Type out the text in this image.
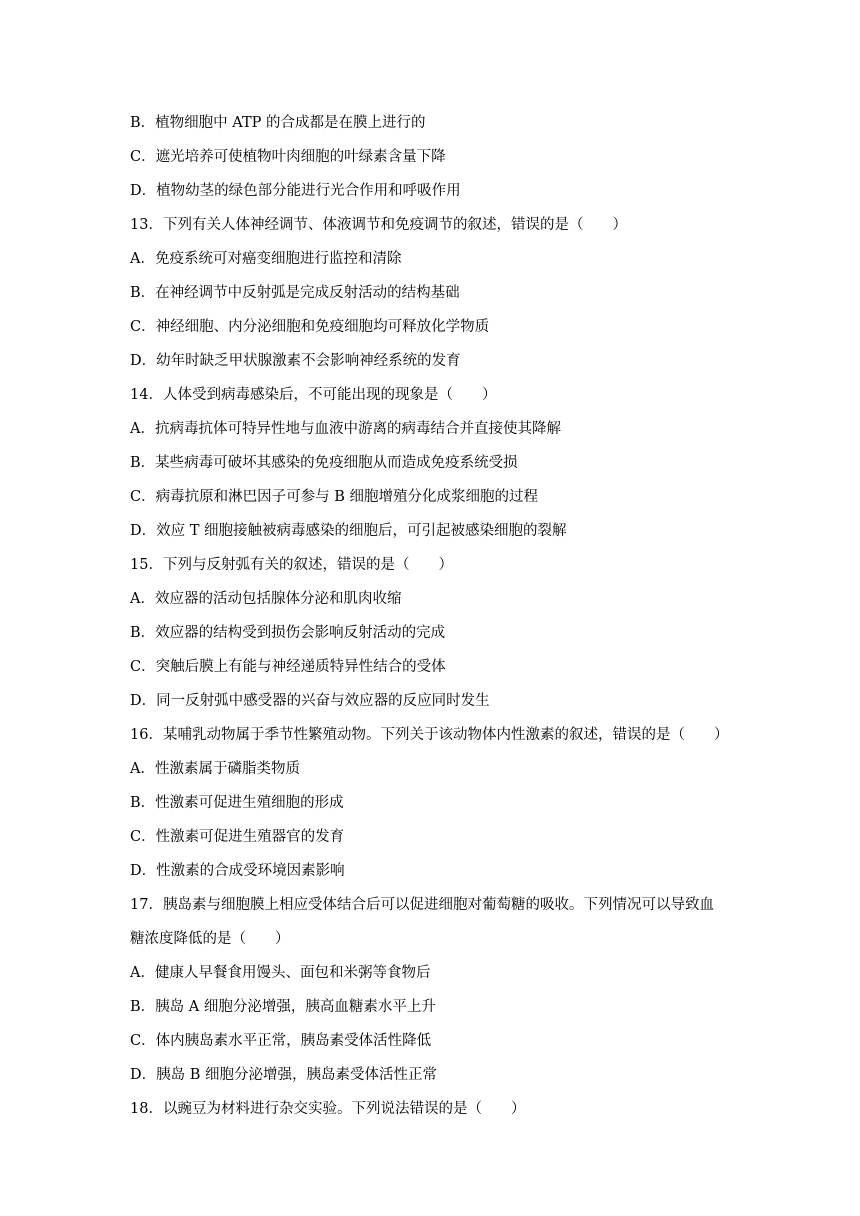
B．植物细胞中 ATP 的合成都是在膜上进行的
C．遮光培养可使植物叶肉细胞的叶绿素含量下降
D．植物幼茎的绿色部分能进行光合作用和呼吸作用
13．下列有关人体神经调节、体液调节和免疫调节的叙述，错误的是（　　）
A．免疫系统可对癌变细胞进行监控和清除
B．在神经调节中反射弧是完成反射活动的结构基础
C．神经细胞、内分泌细胞和免疫细胞均可释放化学物质
D．幼年时缺乏甲状腺激素不会影响神经系统的发育
14．人体受到病毒感染后，不可能出现的现象是（　　）
A．抗病毒抗体可特异性地与血液中游离的病毒结合并直接使其降解
B．某些病毒可破坏其感染的免疫细胞从而造成免疫系统受损
C．病毒抗原和淋巴因子可参与 B 细胞增殖分化成浆细胞的过程
D．效应 T 细胞接触被病毒感染的细胞后，可引起被感染细胞的裂解
15．下列与反射弧有关的叙述，错误的是（　　）
A．效应器的活动包括腺体分泌和肌肉收缩
B．效应器的结构受到损伤会影响反射活动的完成
C．突触后膜上有能与神经递质特异性结合的受体
D．同一反射弧中感受器的兴奋与效应器的反应同时发生
16．某哺乳动物属于季节性繁殖动物。下列关于该动物体内性激素的叙述，错误的是（　　）
A．性激素属于磷脂类物质
B．性激素可促进生殖细胞的形成
C．性激素可促进生殖器官的发育
D．性激素的合成受环境因素影响
17．胰岛素与细胞膜上相应受体结合后可以促进细胞对葡萄糖的吸收。下列情况可以导致血
糖浓度降低的是（　　）
A．健康人早餐食用馒头、面包和米粥等食物后
B．胰岛 A 细胞分泌增强，胰高血糖素水平上升
C．体内胰岛素水平正常，胰岛素受体活性降低
D．胰岛 B 细胞分泌增强，胰岛素受体活性正常
18．以豌豆为材料进行杂交实验。下列说法错误的是（　　）
